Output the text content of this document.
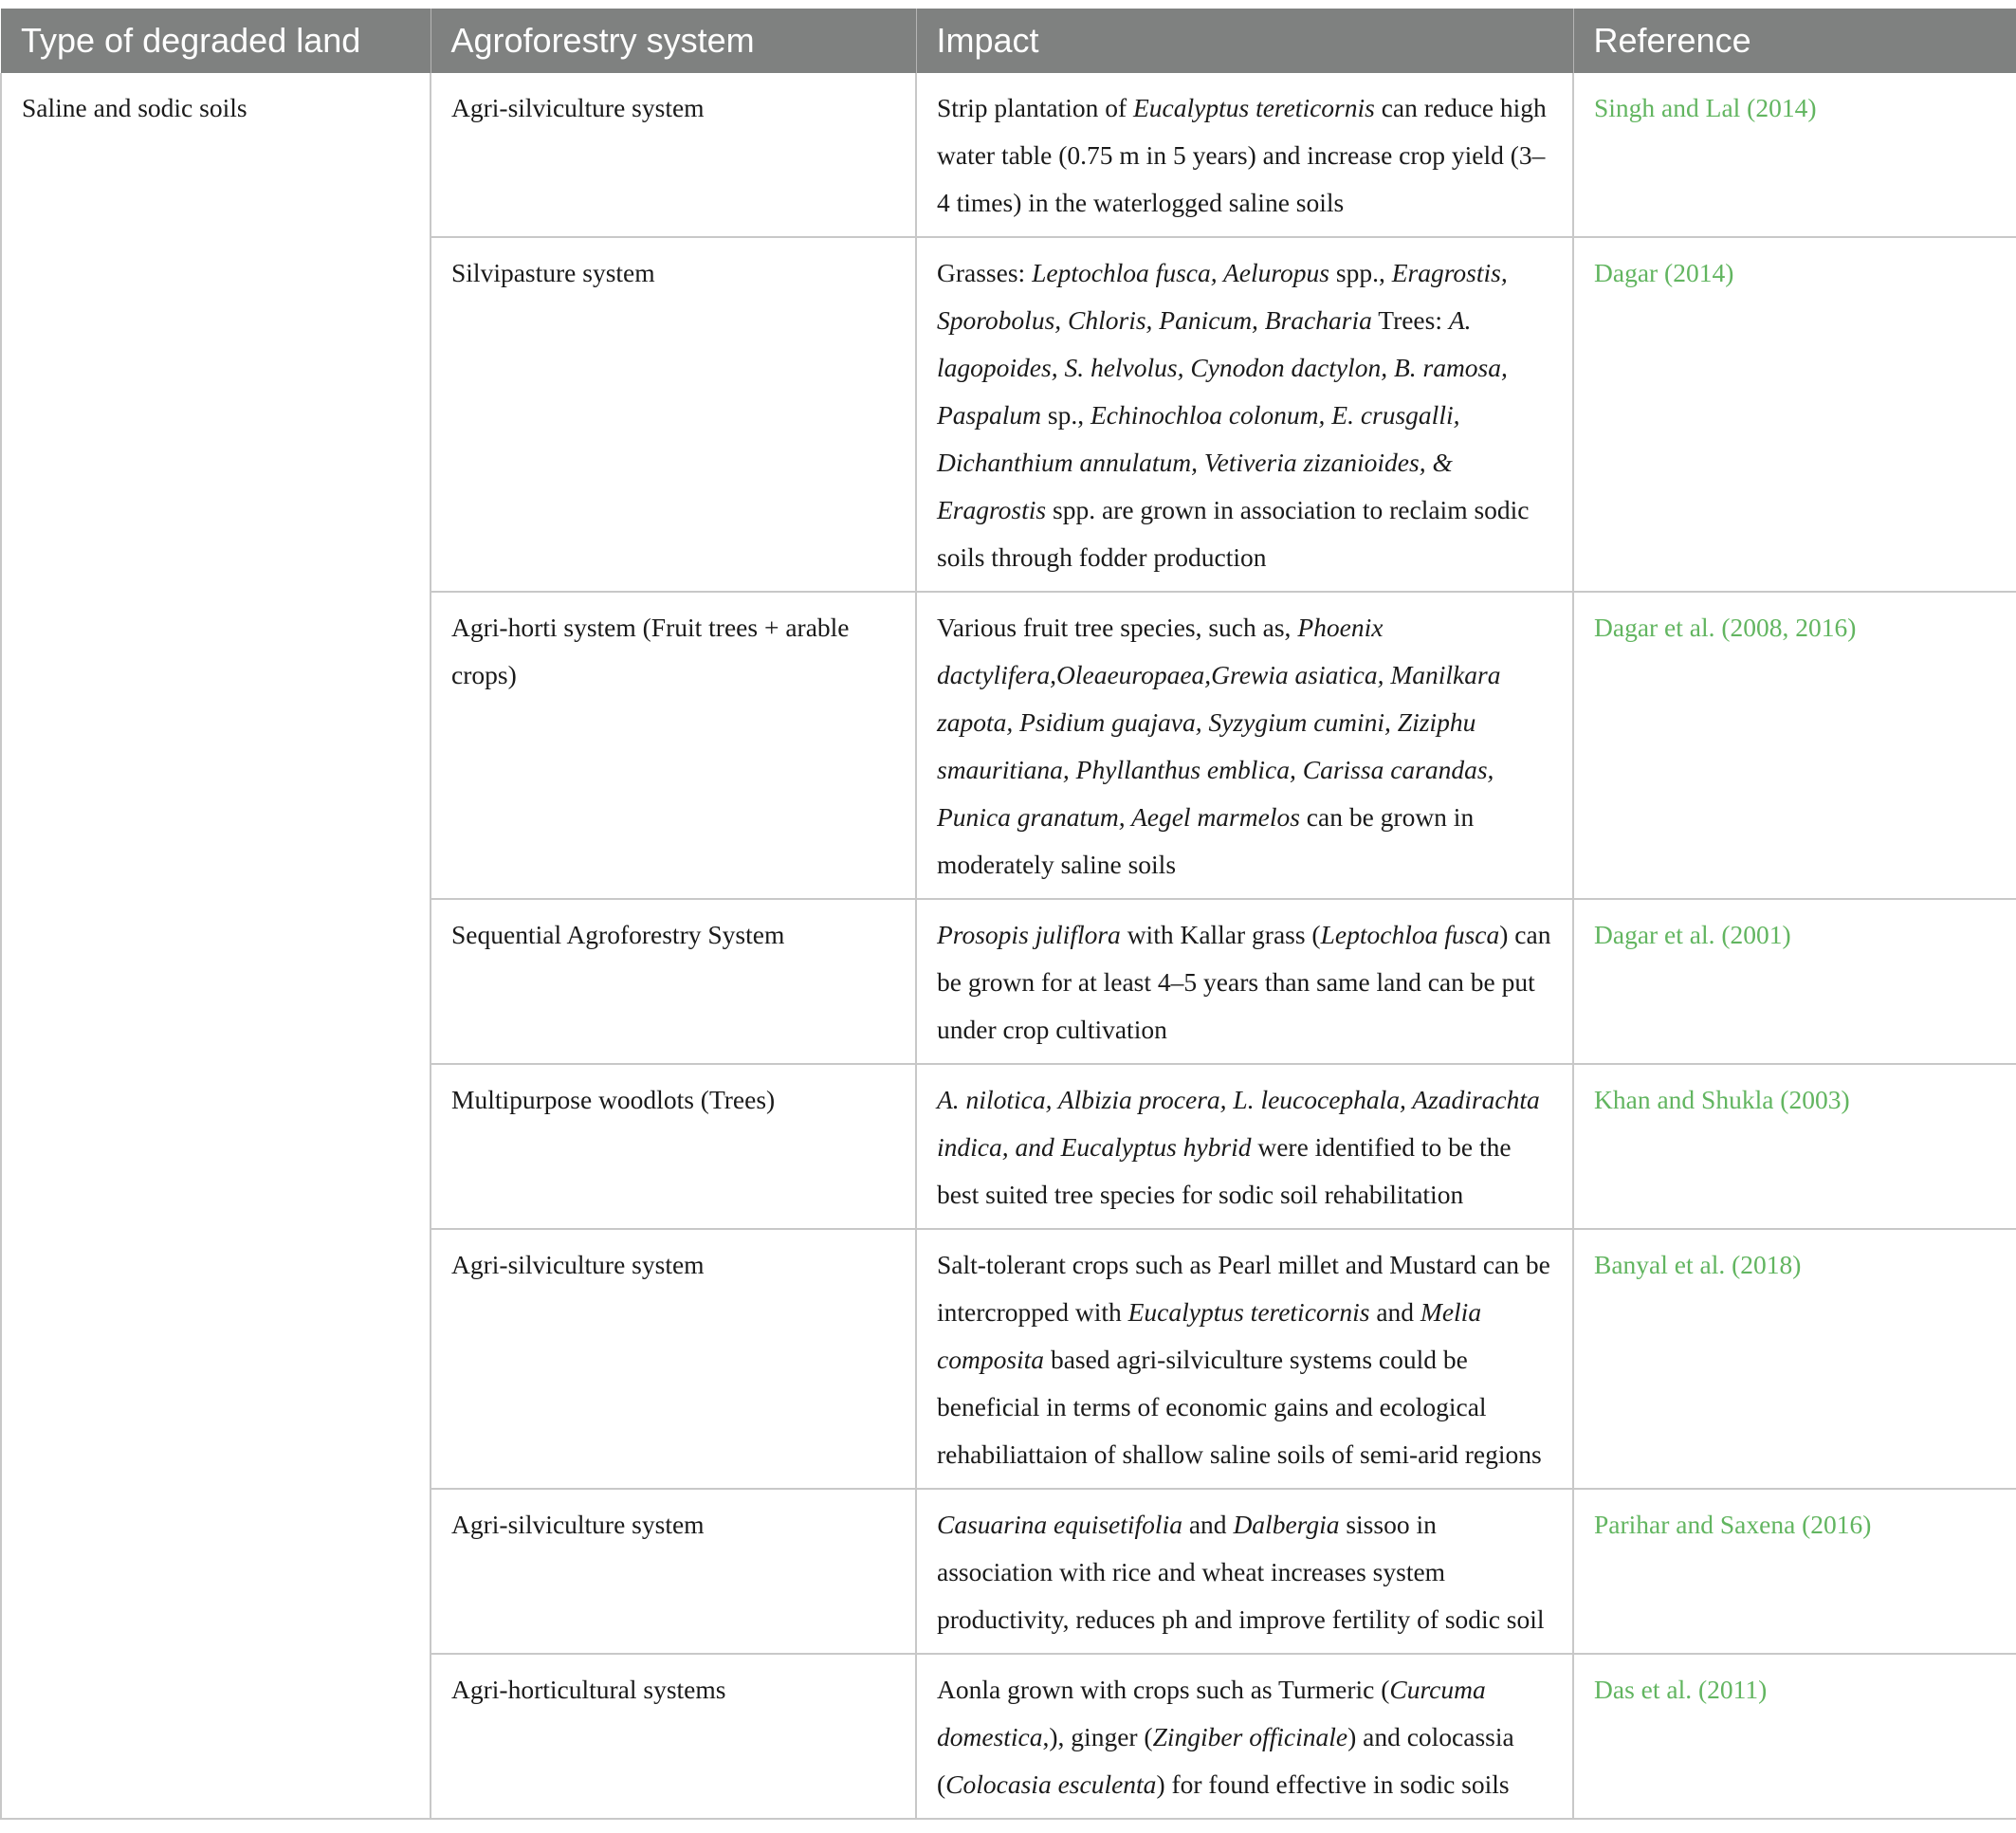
Type of degraded land	Agroforestry system	Impact	Reference
Saline and sodic soils	Agri-silviculture system	Strip plantation of Eucalyptus tereticornis can reduce high water table (0.75 m in 5 years) and increase crop yield (3–4 times) in the waterlogged saline soils	Singh and Lal (2014)
	Silvipasture system	Grasses: Leptochloa fusca, Aeluropus spp., Eragrostis, Sporobolus, Chloris, Panicum, Bracharia Trees: A. lagopoides, S. helvolus, Cynodon dactylon, B. ramosa, Paspalum sp., Echinochloa colonum, E. crusgalli, Dichanthium annulatum, Vetiveria zizanioides, & Eragrostis spp. are grown in association to reclaim sodic soils through fodder production	Dagar (2014)
	Agri-horti system (Fruit trees + arable crops)	Various fruit tree species, such as, Phoenix dactylifera,Oleaeuropaea,Grewia asiatica, Manilkara zapota, Psidium guajava, Syzygium cumini, Ziziphu smauritiana, Phyllanthus emblica, Carissa carandas, Punica granatum, Aegel marmelos can be grown in moderately saline soils	Dagar et al. (2008, 2016)
	Sequential Agroforestry System	Prosopis juliflora with Kallar grass (Leptochloa fusca) can be grown for at least 4–5 years than same land can be put under crop cultivation	Dagar et al. (2001)
	Multipurpose woodlots (Trees)	A. nilotica, Albizia procera, L. leucocephala, Azadirachta indica, and Eucalyptus hybrid were identified to be the best suited tree species for sodic soil rehabilitation	Khan and Shukla (2003)
	Agri-silviculture system	Salt-tolerant crops such as Pearl millet and Mustard can be intercropped with Eucalyptus tereticornis and Melia composita based agri-silviculture systems could be beneficial in terms of economic gains and ecological rehabiliattaion of shallow saline soils of semi-arid regions	Banyal et al. (2018)
	Agri-silviculture system	Casuarina equisetifolia and Dalbergia sissoo in association with rice and wheat increases system productivity, reduces ph and improve fertility of sodic soil	Parihar and Saxena (2016)
	Agri-horticultural systems	Aonla grown with crops such as Turmeric (Curcuma domestica,), ginger (Zingiber officinale) and colocassia (Colocasia esculenta) for found effective in sodic soils	Das et al. (2011)
